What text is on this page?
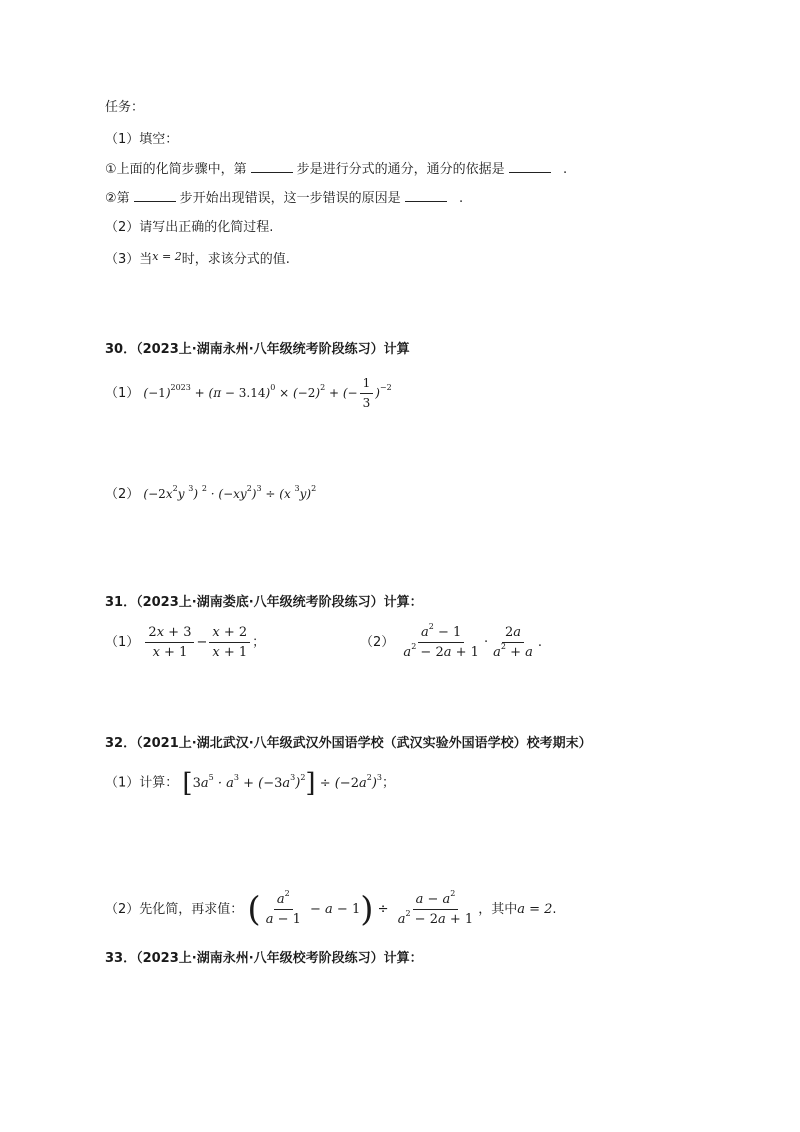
任务：
（1）填空：
①上面的化简步骤中，第	步是进行分式的通分，通分的依据是	.
②第	步开始出现错误，这一步错误的原因是	.
（2）请写出正确的化简过程.
（3）当$^{x = 2}$时，求该分式的值.
30．（2023上·湖南永州·八年级统考阶段练习）计算
（1） $(-1)^{2023} + (\pi - 3.14)^0 \times (-2)^2$ + (− $\frac{1}{3} )^{-2}$
（2） ($-2x^2y$ $^3$) $^2 \cdot (-xy^2)^3 \div (x$ $^3$y)$^2$
31．（2023上·湖南娄底·八年级统考阶段练习）计算：
$(1) \frac{2x + 3}{x + 1} - \frac{x + 2}{x + 1}$ ；	$(2) \frac{a^2 - 1}{a^2 - 2a + 1} \cdot \frac{2a}{a^2 + a}$ .
32．（2021上·湖北武汉·八年级武汉外国语学校（武汉实验外国语学校）校考期末）
（1）计算： $[3a^5 \cdot a^3 + (-3a^3)^2] \div (-2a^2)^3$；
（2）先化简，再求值： ( $\frac{a^2}{a - 1} - a - 1) \div \frac{a - a^2}{a^2 - 2a + 1}$ ，其中a = 2.
33．（2023上·湖南永州·八年级校考阶段练习）计算：
